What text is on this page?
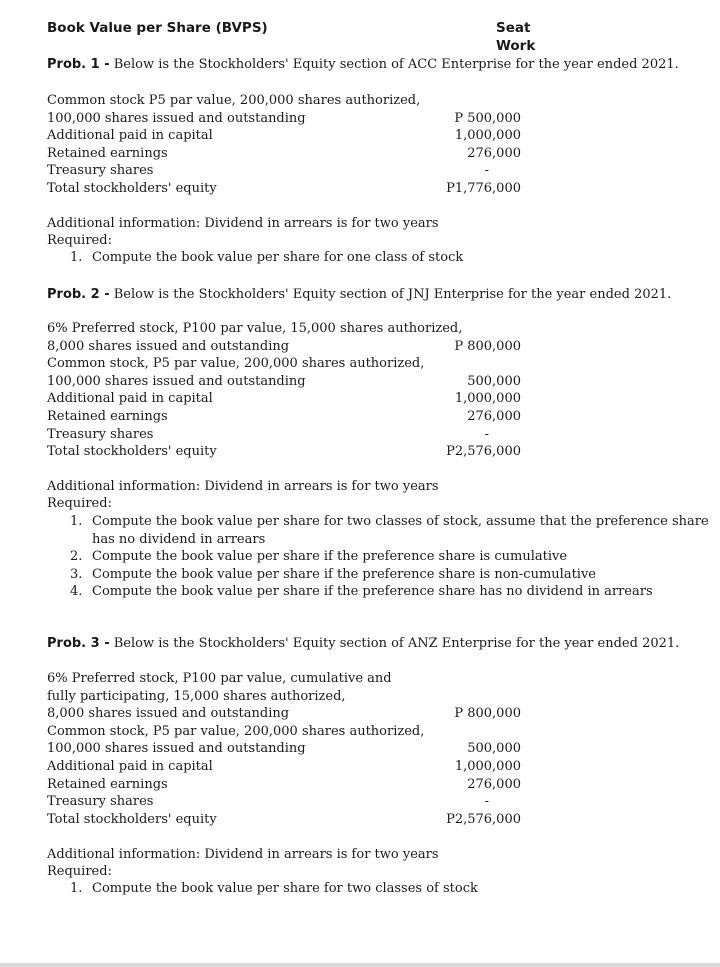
Book Value per Share (BVPS)	Seat Work
Prob. 1 - Below is the Stockholders' Equity section of ACC Enterprise for the year ended 2021.
Common stock P5 par value, 200,000 shares authorized,
100,000 shares issued and outstanding	P 500,000
Additional paid in capital	1,000,000
Retained earnings	276,000
Treasury shares	-
Total stockholders' equity	P1,776,000
Additional information: Dividend in arrears is for two years
Required:
1. Compute the book value per share for one class of stock
Prob. 2 - Below is the Stockholders' Equity section of JNJ Enterprise for the year ended 2021.
6% Preferred stock, P100 par value, 15,000 shares authorized,
8,000 shares issued and outstanding	P 800,000
Common stock, P5 par value, 200,000 shares authorized,
100,000 shares issued and outstanding	500,000
Additional paid in capital	1,000,000
Retained earnings	276,000
Treasury shares	-
Total stockholders' equity	P2,576,000
Additional information: Dividend in arrears is for two years
Required:
1. Compute the book value per share for two classes of stock, assume that the preference share has no dividend in arrears
2. Compute the book value per share if the preference share is cumulative
3. Compute the book value per share if the preference share is non-cumulative
4. Compute the book value per share if the preference share has no dividend in arrears
Prob. 3 - Below is the Stockholders' Equity section of ANZ Enterprise for the year ended 2021.
6% Preferred stock, P100 par value, cumulative and
fully participating, 15,000 shares authorized,
8,000 shares issued and outstanding	P 800,000
Common stock, P5 par value, 200,000 shares authorized,
100,000 shares issued and outstanding	500,000
Additional paid in capital	1,000,000
Retained earnings	276,000
Treasury shares	-
Total stockholders' equity	P2,576,000
Additional information: Dividend in arrears is for two years
Required:
1. Compute the book value per share for two classes of stock
